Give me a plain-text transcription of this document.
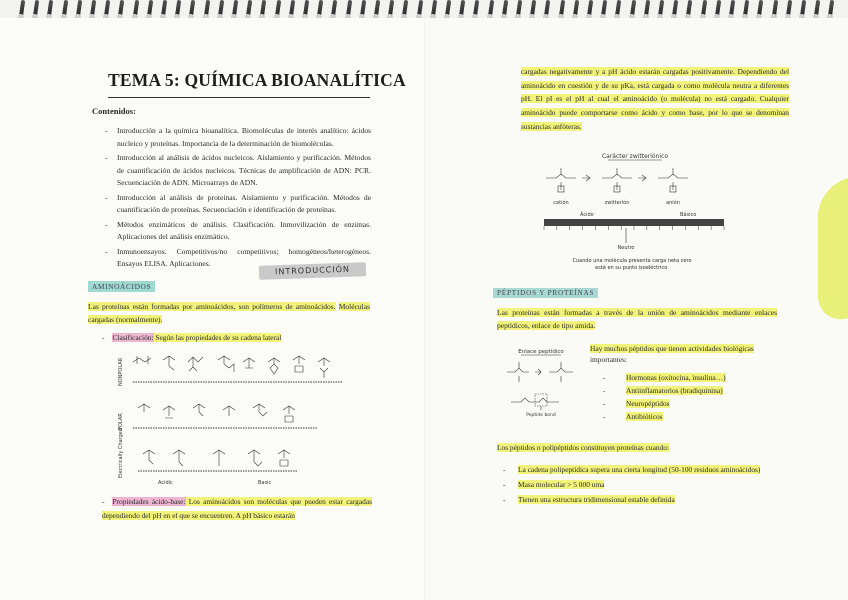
TEMA 5: QUÍMICA BIOANALÍTICA
Contenidos:
- Introducción a la química bioanalítica. Biomoléculas de interés analítico: ácidos nucleico y proteínas. Importancia de la determinación de biomoléculas.
- Introducción al análisis de ácidos nucleicos. Aislamiento y purificación. Métodos de cuantificación de ácidos nucleicos. Técnicas de amplificación de ADN: PCR. Secuenciación de ADN. Microarrays de ADN.
- Introducción al análisis de proteínas. Aislamiento y purificación. Métodos de cuantificación de proteínas. Secuenciación e identificación de proteínas.
- Métodos enzimáticos de análisis. Clasificación. Inmovilización de enzimas. Aplicaciones del análisis enzimático.
- Inmunoensayos. Competitivos/no competitivos; homogéneos/heterogéneos. Ensayos ELISA. Aplicaciones.
INTRODUCCIÓN
AMINOÁCIDOS
Las proteínas están formadas por aminoácidos, son polímeros de aminoácidos. Moléculas cargadas (normalmente).
- Clasificación: Según las propiedades de su cadena lateral
NONPOLAR
POLAR
Electrically Charged
Acidic	Basic
- Propiedades ácido-base: Los aminoácidos son moléculas que pueden estar cargadas dependiendo del pH en el que se encuentren. A pH básico estarán
cargadas negativamente y a pH ácido estarán cargadas positivamente. Dependiendo del aminoácido en cuestión y de su pKa, está cargada o como molécula neutra a diferentes pH. El pI es el pH al cual el aminoácido (o molécula) no está cargado. Cualquier aminoácido puede comportarse como ácido y como base, por lo que se denominan sustancias anfóteras.
Carácter zwitteriónico
catión	zwitterión	anión
Ácido	Básico
Neutro
Cuando una molécula presenta carga neta cero está en su punto isoeléctrico.
PÉPTIDOS Y PROTEÍNAS
Las proteínas están formadas a través de la unión de aminoácidos mediante enlaces peptídicos, enlace de tipo amida.
Enlace peptídico
Peptide bond
Hay muchos péptidos que tienen actividades biológicas
importantes:
- Hormonas (oxitocina, insulina…)
- Antiinflamatorios (bradiquinina)
- Neuropéptidos
- Antibióticos
Los péptidos o polipéptidos constituyen proteínas cuando:
- La cadena polipeptídica supera una cierta longitud (50-100 residuos aminoácidos)
- Masa molecular > 5 000 uma
- Tienen una estructura tridimensional estable definida
